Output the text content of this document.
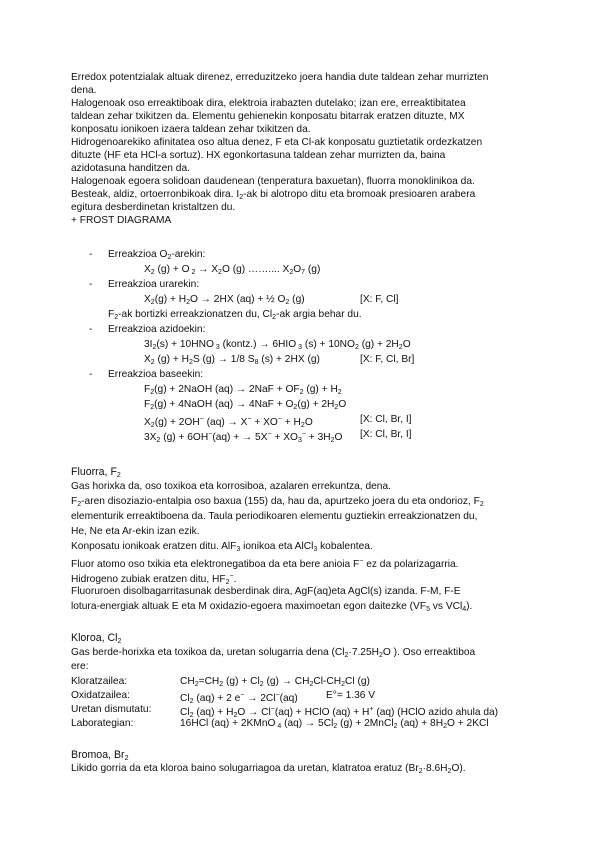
Erredox potentzialak altuak direnez, erreduzitzeko joera handia dute taldean zehar murrizten
dena.
Halogenoak oso erreaktiboak dira, elektroia irabazten dutelako; izan ere, erreaktibitatea
taldean zehar txikitzen da. Elementu gehienekin konposatu bitarrak eratzen dituzte, MX
konposatu ionikoen izaera taldean zehar txikitzen da.
Hidrogenoarekiko afinitatea oso altua denez, F eta Cl-ak konposatu guztietatik ordezkatzen
dituzte (HF eta HCl-a sortuz). HX egonkortasuna taldean zehar murrizten da, baina
azidotasuna handitzen da.
Halogenoak egoera solidoan daudenean (tenperatura baxuetan), fluorra monoklinikoa da.
Besteak, aldiz, ortoerronbikoak dira. $I_2-ak$ bi alotropo ditu eta bromoak presioaren arabera
egitura desberdinetan kristaltzen du.
+ FROST DIAGRAMA
- Erreakzioa $O_2$-arekin:
$X_2$ (g) + O $_2 \to X_2O$ (g) …….... $X_2O_7$ (g)
- Erreakzioa urarekin:
$X_2(g) + H_2O \to 2HX$ (aq) + ½ $O_2$ (g)	[X: F, Cl]
$F_2-ak$ bortizki erreakzionatzen du, $Cl_2-ak$ argia behar du.
- Erreakzioa azidoekin:
$3I_2(s) + 10HNO$ $_3$ (kontz.) → 6HIO $_3$ $(s) + 10NO_2$ $(g) + 2H_2O$
$X_2$ $(g) + H_2S$ (g) → 1/8 $S_8$ (s) + 2HX (g)	[X: F, Cl, Br]
- Erreakzioa baseekin:
$F_2(g)$ + 2NaOH $(aq) \to 2NaF + OF_2$ $(g) + H_2$
$F_2(g)$ + 4NaOH $(aq) \to 4NaF + O_2(g) + 2H_2O$
$X_2(g) + 2OH^-$ $(aq) \to X^- + XO^- + H_2O$	[X: Cl, Br, I]
$3X_2$ (g) + 6OH−(aq) + → $5X^- + XO_3^- + 3H_2O$ [X: Cl, Br, I]
Fluorra, $F_2$
Gas horixka da, oso toxikoa eta korrosiboa, azalaren errekuntza, dena.
$F_2$-aren disoziazio-entalpia oso baxua (155) da, hau da, apurtzeko joera du eta ondorioz, $F_2$
elementurik erreaktiboena da. Taula periodikoaren elementu guztiekin erreakzionatzen du,
He, Ne eta Ar-ekin izan ezik.
Konposatu ionikoak eratzen ditu. AlF$_3$ ionikoa eta AlCl$_3$ kobalentea.
Fluor atomo oso txikia eta elektronegatiboa da eta bere anioia F− ez da polarizagarria.
Hidrogeno zubiak eratzen ditu, $HF_2^-$.
Fluoruroen disolbagarritasunak desberdinak dira, AgF(aq)eta AgCl(s) izanda. F-M, F-E
lotura-energiak altuak E eta M oxidazio-egoera maximoetan egon daitezke ($VF_5$ vs VCl$_4$).
Kloroa, $Cl_2$
Gas berde-horixka eta toxikoa da, uretan solugarria dena ($Cl_2\cdot 7.25H_2O$ ). Oso erreaktiboa
ere:
Kloratzailea:	$CH_2=CH_2$ $(g) + Cl_2$ $(g) \to CH_2Cl-CH_2Cl$ (g)
Oxidatzailea:	$Cl_2$ (aq) + 2 e− → 2Cl−(aq)	E°= 1.36 V
Uretan dismutatu:	$Cl_2$ $(aq) + H_2O \to Cl^-(aq)$ + HClO (aq) + H+ (aq) (HClO azido ahula da)
Laborategian:	16HCl (aq) + 2KMnO $_4$ $(aq) \to 5Cl_2$ (g) + 2MnCl$_2$ $(aq) + 8H_2O + 2KCl$
Bromoa, $Br_2$
Likido gorria da eta kloroa baino solugarriagoa da uretan, klatratoa eratuz $(Br_2\cdot 8.6H_2O)$.
